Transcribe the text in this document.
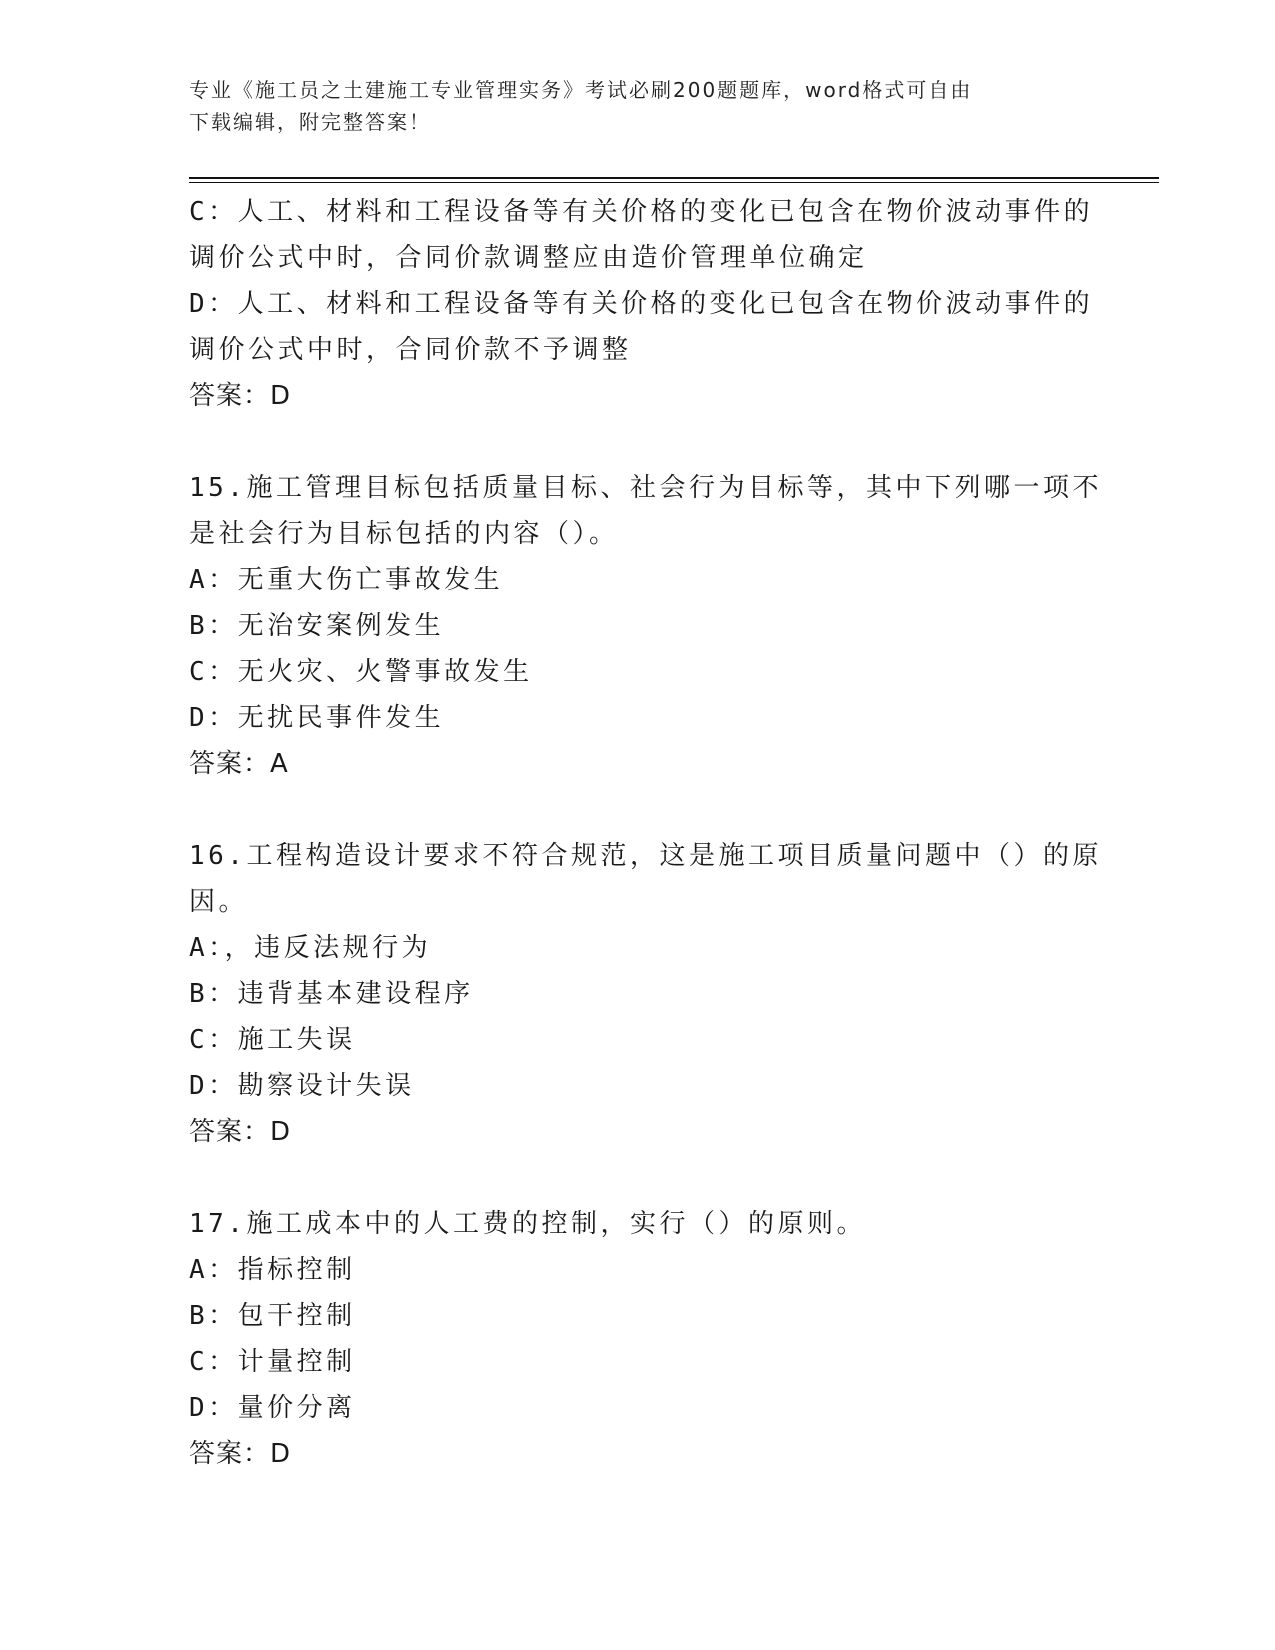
专业《施工员之土建施工专业管理实务》考试必刷200题题库，word格式可自由
下载编辑，附完整答案！
C：人工、材料和工程设备等有关价格的变化已包含在物价波动事件的
调价公式中时，合同价款调整应由造价管理单位确定
D：人工、材料和工程设备等有关价格的变化已包含在物价波动事件的
调价公式中时，合同价款不予调整
答案：D
15.施工管理目标包括质量目标、社会行为目标等，其中下列哪一项不
是社会行为目标包括的内容（）。
A：无重大伤亡事故发生
B：无治安案例发生
C：无火灾、火警事故发生
D：无扰民事件发生
答案：A
16.工程构造设计要求不符合规范，这是施工项目质量问题中（）的原
因。
A：，违反法规行为
B：违背基本建设程序
C：施工失误
D：勘察设计失误
答案：D
17.施工成本中的人工费的控制，实行（）的原则。
A：指标控制
B：包干控制
C：计量控制
D：量价分离
答案：D
